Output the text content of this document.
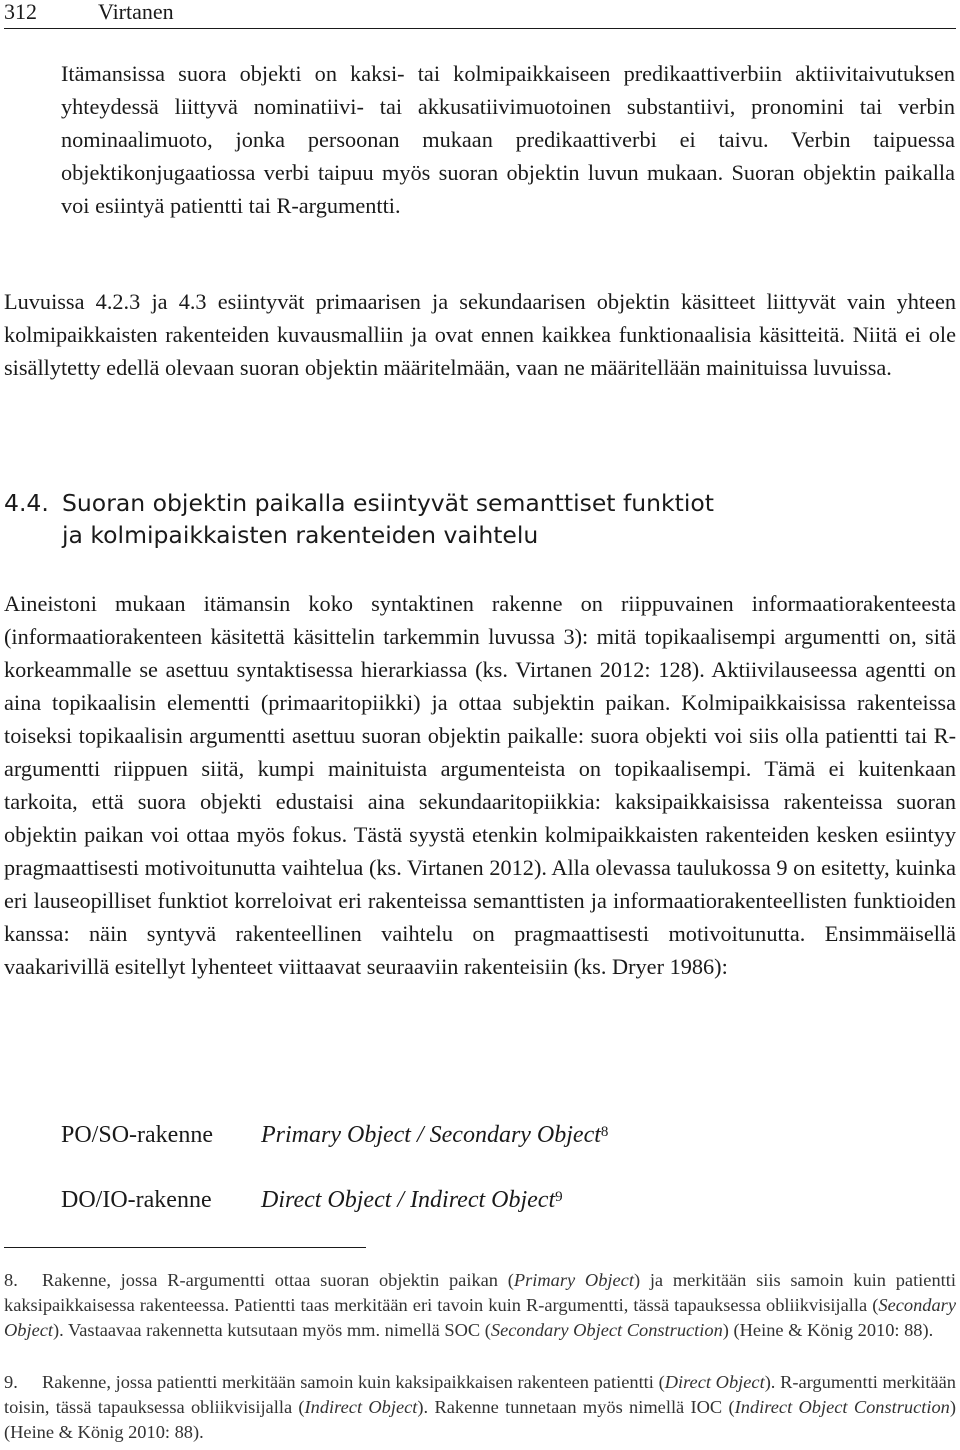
312	Virtanen

Itämansissa suora objekti on kaksi- tai kolmipaikkaiseen predikaattiverbiin aktiivitaivutuksen yhteydessä liittyvä nominatiivi- tai akkusatiivimuotoinen substantiivi, pronomini tai verbin nominaalimuoto, jonka persoonan mukaan predikaattiverbi ei taivu. Verbin taipuessa objektikonjugaatiossa verbi taipuu myös suoran objektin luvun mukaan. Suoran objektin paikalla voi esiintyä patientti tai R-argumentti.

Luvuissa 4.2.3 ja 4.3 esiintyvät primaarisen ja sekundaarisen objektin käsitteet liittyvät vain yhteen kolmipaikkaisten rakenteiden kuvausmalliin ja ovat ennen kaikkea funktionaalisia käsitteitä. Niitä ei ole sisällytetty edellä olevaan suoran objektin määritelmään, vaan ne määritellään mainituissa luvuissa.

4.4. Suoran objektin paikalla esiintyvät semanttiset funktiot
ja kolmipaikkaisten rakenteiden vaihtelu

Aineistoni mukaan itämansin koko syntaktinen rakenne on riippuvainen informaatiorakenteesta (informaatiorakenteen käsitettä käsittelin tarkemmin luvussa 3): mitä topikaalisempi argumentti on, sitä korkeammalle se asettuu syntaktisessa hierarkiassa (ks. Virtanen 2012: 128). Aktiivilauseessa agentti on aina topikaalisin elementti (primaaritopiikki) ja ottaa subjektin paikan. Kolmipaikkaisissa rakenteissa toiseksi topikaalisin argumentti asettuu suoran objektin paikalle: suora objekti voi siis olla patientti tai R-argumentti riippuen siitä, kumpi mainituista argumenteista on topikaalisempi. Tämä ei kuitenkaan tarkoita, että suora objekti edustaisi aina sekundaaritopiikkia: kaksipaikkaisissa rakenteissa suoran objektin paikan voi ottaa myös fokus. Tästä syystä etenkin kolmipaikkaisten rakenteiden kesken esiintyy pragmaattisesti motivoitunutta vaihtelua (ks. Virtanen 2012). Alla olevassa taulukossa 9 on esitetty, kuinka eri lauseopilliset funktiot korreloivat eri rakenteissa semanttisten ja informaatiorakenteellisten funktioiden kanssa: näin syntyvä rakenteellinen vaihtelu on pragmaattisesti motivoitunutta. Ensimmäisellä vaakarivillä esitellyt lyhenteet viittaavat seuraaviin rakenteisiin (ks. Dryer 1986):

PO/SO-rakenne Primary Object / Secondary Object$^8$
DO/IO-rakenne Direct Object / Indirect Object$^9$

8. Rakenne, jossa R-argumentti ottaa suoran objektin paikan (Primary Object) ja merkitään siis samoin kuin patientti kaksipaikkaisessa rakenteessa. Patientti taas merkitään eri tavoin kuin R-argumentti, tässä tapauksessa obliikvisijalla (Secondary Object). Vastaavaa rakennetta kutsutaan myös mm. nimellä SOC (Secondary Object Construction) (Heine & König 2010: 88).

9. Rakenne, jossa patientti merkitään samoin kuin kaksipaikkaisen rakenteen patientti (Direct Object). R-argumentti merkitään toisin, tässä tapauksessa obliikvisijalla (Indirect Object). Rakenne tunnetaan myös nimellä IOC (Indirect Object Construction) (Heine & König 2010: 88).
